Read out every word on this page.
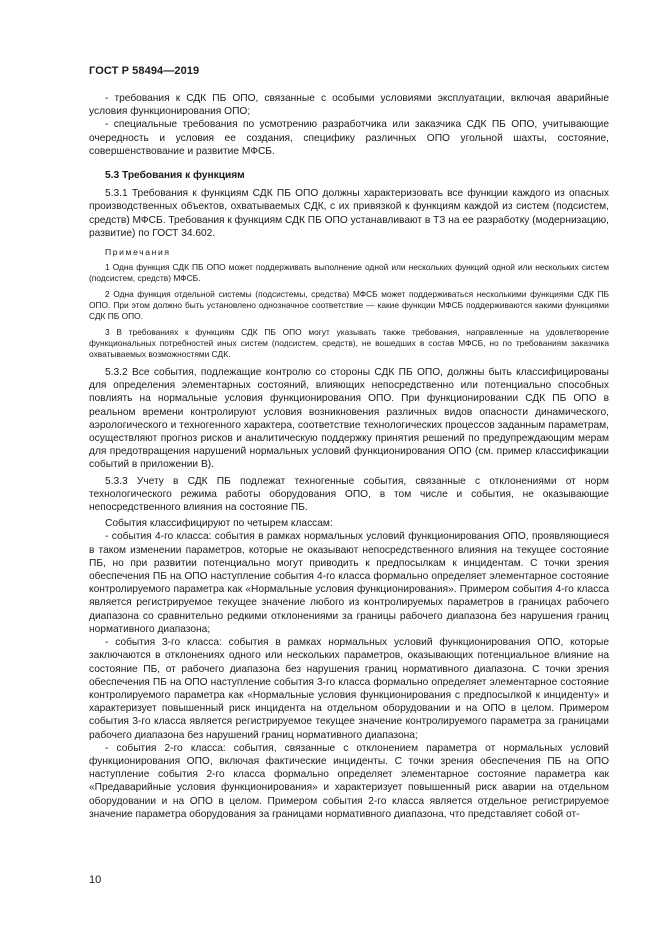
ГОСТ Р 58494—2019

- требования к СДК ПБ ОПО, связанные с особыми условиями эксплуатации, включая аварийные условия функционирования ОПО;

- специальные требования по усмотрению разработчика или заказчика СДК ПБ ОПО, учитывающие очередность и условия ее создания, специфику различных ОПО угольной шахты, состояние, совершенствование и развитие МФСБ.

5.3 Требования к функциям

5.3.1 Требования к функциям СДК ПБ ОПО должны характеризовать все функции каждого из опасных производственных объектов, охватываемых СДК, с их привязкой к функциям каждой из систем (подсистем, средств) МФСБ. Требования к функциям СДК ПБ ОПО устанавливают в ТЗ на ее разработку (модернизацию, развитие) по ГОСТ 34.602.

Примечания

1 Одна функция СДК ПБ ОПО может поддерживать выполнение одной или нескольких функций одной или нескольких систем (подсистем, средств) МФСБ.

2 Одна функция отдельной системы (подсистемы, средства) МФСБ может поддерживаться несколькими функциями СДК ПБ ОПО. При этом должно быть установлено однозначное соответствие — какие функции МФСБ поддерживаются какими функциями СДК ПБ ОПО.

3 В требованиях к функциям СДК ПБ ОПО могут указывать также требования, направленные на удовлетворение функциональных потребностей иных систем (подсистем, средств), не вошедших в состав МФСБ, но по требованиям заказчика охватываемых возможностями СДК.

5.3.2 Все события, подлежащие контролю со стороны СДК ПБ ОПО, должны быть классифицированы для определения элементарных состояний, влияющих непосредственно или потенциально способных повлиять на нормальные условия функционирования ОПО. При функционировании СДК ПБ ОПО в реальном времени контролируют условия возникновения различных видов опасности динамического, аэрологического и техногенного характера, соответствие технологических процессов заданным параметрам, осуществляют прогноз рисков и аналитическую поддержку принятия решений по предупреждающим мерам для предотвращения нарушений нормальных условий функционирования ОПО (см. пример классификации событий в приложении В).

5.3.3 Учету в СДК ПБ подлежат техногенные события, связанные с отклонениями от норм технологического режима работы оборудования ОПО, в том числе и события, не оказывающие непосредственного влияния на состояние ПБ.

События классифицируют по четырем классам:

- события 4-го класса: события в рамках нормальных условий функционирования ОПО, проявляющиеся в таком изменении параметров, которые не оказывают непосредственного влияния на текущее состояние ПБ, но при развитии потенциально могут приводить к предпосылкам к инцидентам. С точки зрения обеспечения ПБ на ОПО наступление события 4-го класса формально определяет элементарное состояние контролируемого параметра как «Нормальные условия функционирования». Примером события 4-го класса является регистрируемое текущее значение любого из контролируемых параметров в границах рабочего диапазона со сравнительно редкими отклонениями за границы рабочего диапазона без нарушения границ нормативного диапазона;

- события 3-го класса: события в рамках нормальных условий функционирования ОПО, которые заключаются в отклонениях одного или нескольких параметров, оказывающих потенциальное влияние на состояние ПБ, от рабочего диапазона без нарушения границ нормативного диапазона. С точки зрения обеспечения ПБ на ОПО наступление события 3-го класса формально определяет элементарное состояние контролируемого параметра как «Нормальные условия функционирования с предпосылкой к инциденту» и характеризует повышенный риск инцидента на отдельном оборудовании и на ОПО в целом. Примером события 3-го класса является регистрируемое текущее значение контролируемого параметра за границами рабочего диапазона без нарушений границ нормативного диапазона;

- события 2-го класса: события, связанные с отклонением параметра от нормальных условий функционирования ОПО, включая фактические инциденты. С точки зрения обеспечения ПБ на ОПО наступление события 2-го класса формально определяет элементарное состояние параметра как «Предаварийные условия функционирования» и характеризует повышенный риск аварии на отдельном оборудовании и на ОПО в целом. Примером события 2-го класса является отдельное регистрируемое значение параметра оборудования за границами нормативного диапазона, что представляет собой от-

10
